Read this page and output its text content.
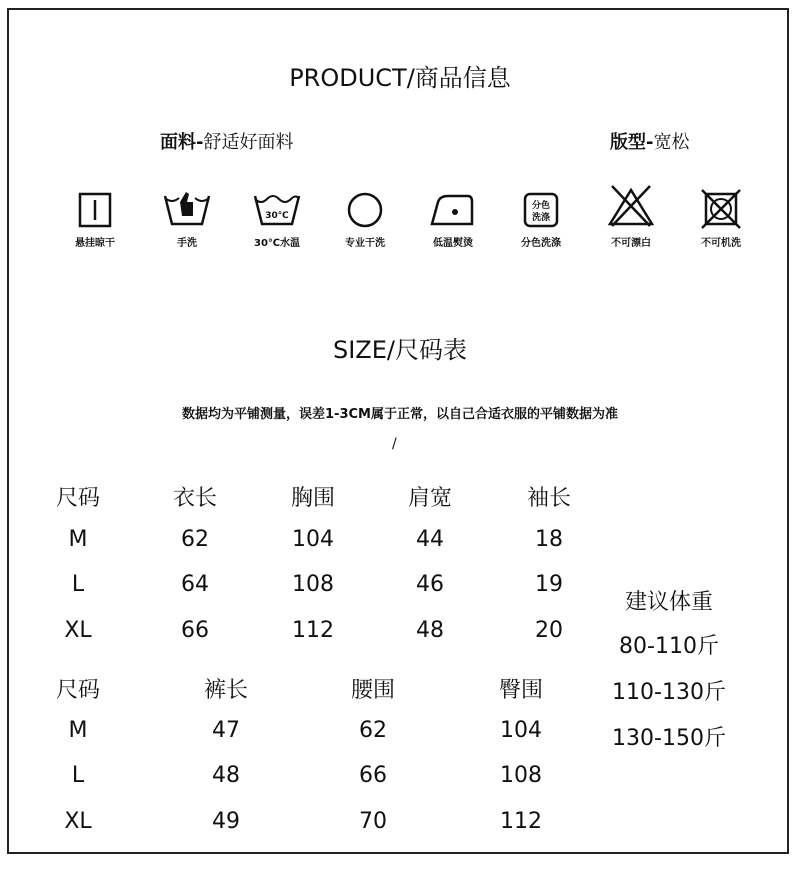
PRODUCT/商品信息
面料-舒适好面料	版型-宽松
30℃
分色
洗涤
悬挂晾干	手洗	30℃水温	专业干洗	低温熨烫	分色洗涤	不可漂白	不可机洗
SIZE/尺码表
数据均为平铺测量，误差1-3CM属于正常，以自己合适衣服的平铺数据为准
/
尺码	衣长	胸围	肩宽	袖长
M	62	104	44	18
L	64	108	46	19
XL	66	112	48	20
尺码	裤长	腰围	臀围
M	47	62	104
L	48	66	108
XL	49	70	112
建议体重
80-110斤
110-130斤
130-150斤
